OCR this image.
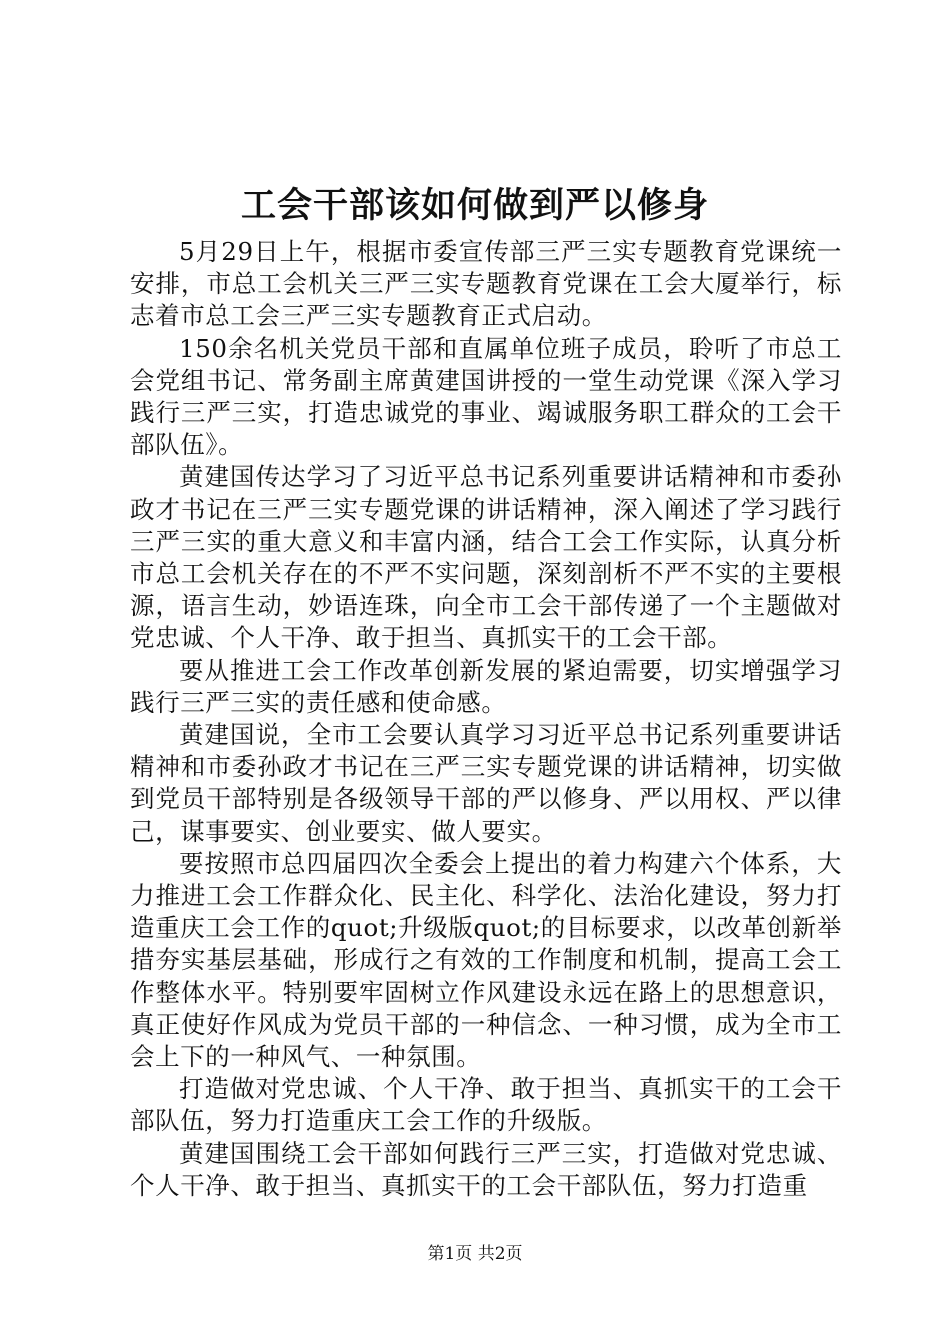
工会干部该如何做到严以修身

5月29日上午，根据市委宣传部三严三实专题教育党课统一安排，市总工会机关三严三实专题教育党课在工会大厦举行，标志着市总工会三严三实专题教育正式启动。

150余名机关党员干部和直属单位班子成员，聆听了市总工会党组书记、常务副主席黄建国讲授的一堂生动党课《深入学习践行三严三实，打造忠诚党的事业、竭诚服务职工群众的工会干部队伍》。

黄建国传达学习了习近平总书记系列重要讲话精神和市委孙政才书记在三严三实专题党课的讲话精神，深入阐述了学习践行三严三实的重大意义和丰富内涵，结合工会工作实际，认真分析市总工会机关存在的不严不实问题，深刻剖析不严不实的主要根源，语言生动，妙语连珠，向全市工会干部传递了一个主题做对党忠诚、个人干净、敢于担当、真抓实干的工会干部。

要从推进工会工作改革创新发展的紧迫需要，切实增强学习践行三严三实的责任感和使命感。

黄建国说，全市工会要认真学习习近平总书记系列重要讲话精神和市委孙政才书记在三严三实专题党课的讲话精神，切实做到党员干部特别是各级领导干部的严以修身、严以用权、严以律己，谋事要实、创业要实、做人要实。

要按照市总四届四次全委会上提出的着力构建六个体系，大力推进工会工作群众化、民主化、科学化、法治化建设，努力打造重庆工会工作的quot;升级版quot;的目标要求，以改革创新举措夯实基层基础，形成行之有效的工作制度和机制，提高工会工作整体水平。特别要牢固树立作风建设永远在路上的思想意识，真正使好作风成为党员干部的一种信念、一种习惯，成为全市工会上下的一种风气、一种氛围。

打造做对党忠诚、个人干净、敢于担当、真抓实干的工会干部队伍，努力打造重庆工会工作的升级版。

黄建国围绕工会干部如何践行三严三实，打造做对党忠诚、个人干净、敢于担当、真抓实干的工会干部队伍，努力打造重

第1页 共2页
